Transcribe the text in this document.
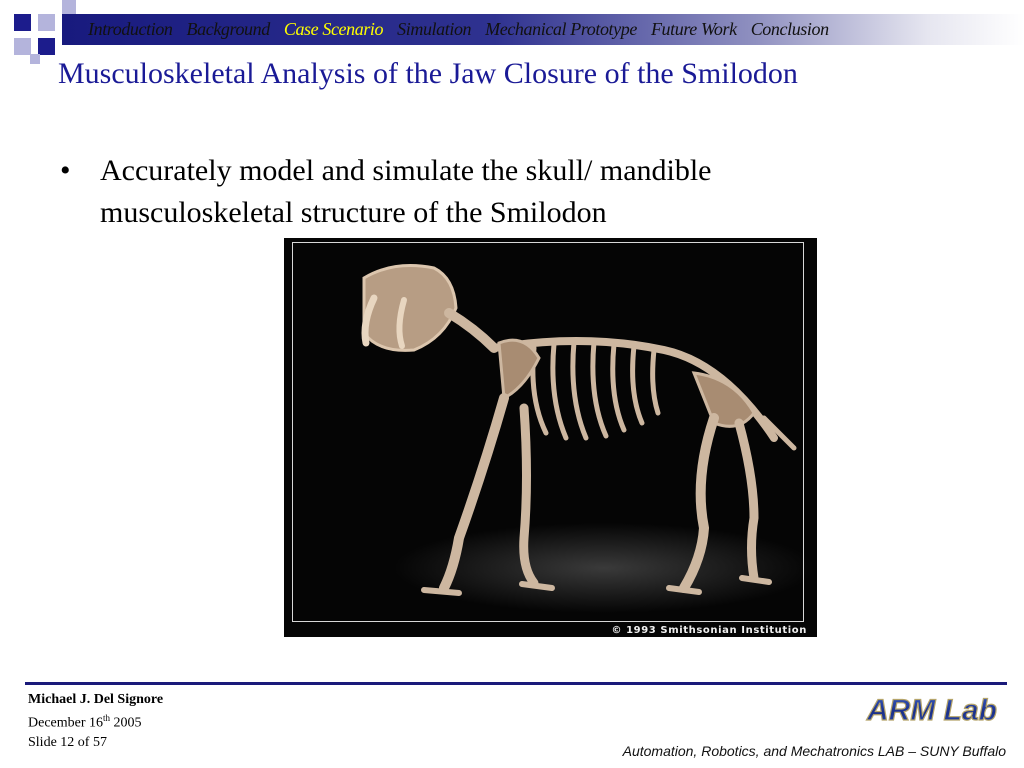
Introduction Background Case Scenario Simulation Mechanical Prototype Future Work Conclusion
Musculoskeletal Analysis of the Jaw Closure of the Smilodon
• Accurately model and simulate the skull/ mandible musculoskeletal structure of the Smilodon
© 1993 Smithsonian Institution
Michael J. Del Signore
December 16th 2005
Slide 12 of 57
ARM Lab
Automation, Robotics, and Mechatronics LAB – SUNY Buffalo
